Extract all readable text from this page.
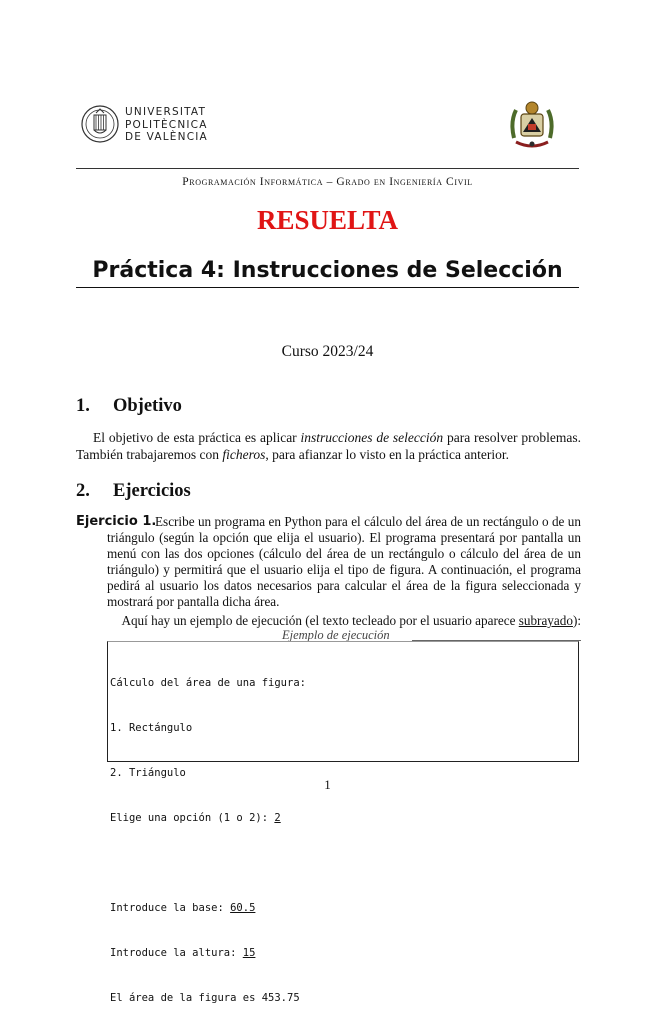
UNIVERSITAT
POLITÈCNICA
DE VALÈNCIA
Programación Informática – Grado en Ingeniería Civil
RESUELTA
Práctica 4: Instrucciones de Selección
Curso 2023/24
1. Objetivo
El objetivo de esta práctica es aplicar instrucciones de selección para resolver problemas. También trabajaremos con ficheros, para afianzar lo visto en la práctica anterior.
2. Ejercicios
Ejercicio 1.
Escribe un programa en Python para el cálculo del área de un rectángulo o de un triángulo (según la opción que elija el usuario). El programa presentará por pantalla un menú con las dos opciones (cálculo del área de un rectángulo o cálculo del área de un triángulo) y permitirá que el usuario elija el tipo de figura. A continuación, el programa pedirá al usuario los datos necesarios para calcular el área de la figura seleccionada y mostrará por pantalla dicha área.
Aquí hay un ejemplo de ejecución (el texto tecleado por el usuario aparece subrayado):
Ejemplo de ejecución

Cálculo del área de una figura:

1. Rectángulo

2. Triángulo

Elige una opción (1 o 2): 2

Introduce la base: 60.5

Introduce la altura: 15

El área de la figura es 453.75

1
